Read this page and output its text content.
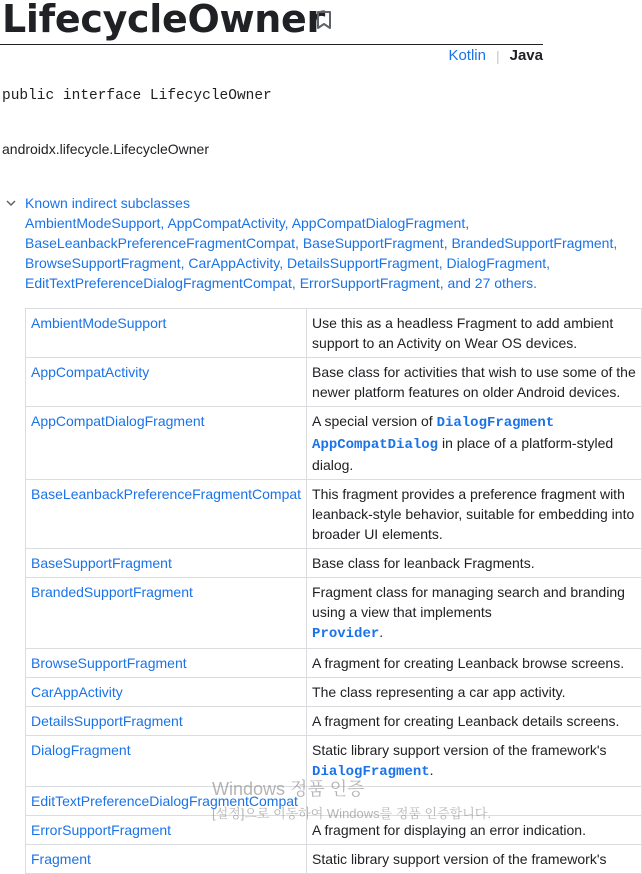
LifecycleOwner
Kotlin | Java
public interface LifecycleOwner
androidx.lifecycle.LifecycleOwner
Known indirect subclasses
AmbientModeSupport, AppCompatActivity, AppCompatDialogFragment,
BaseLeanbackPreferenceFragmentCompat, BaseSupportFragment, BrandedSupportFragment,
BrowseSupportFragment, CarAppActivity, DetailsSupportFragment, DialogFragment,
EditTextPreferenceDialogFragmentCompat, ErrorSupportFragment, and 27 others.
AmbientModeSupport	Use this as a headless Fragment to add ambient
support to an Activity on Wear OS devices.
AppCompatActivity	Base class for activities that wish to use some of the
newer platform features on older Android devices.
AppCompatDialogFragment	A special version of DialogFragment
AppCompatDialog in place of a platform-styled
dialog.
BaseLeanbackPreferenceFragmentCompat	This fragment provides a preference fragment with
leanback-style behavior, suitable for embedding into
broader UI elements.
BaseSupportFragment	Base class for leanback Fragments.
BrandedSupportFragment	Fragment class for managing search and branding
using a view that implements
Provider.
BrowseSupportFragment	A fragment for creating Leanback browse screens.
CarAppActivity	The class representing a car app activity.
DetailsSupportFragment	A fragment for creating Leanback details screens.
DialogFragment	Static library support version of the framework's
DialogFragment.
EditTextPreferenceDialogFragmentCompat	
ErrorSupportFragment	A fragment for displaying an error indication.
Fragment	Static library support version of the framework's
Windows 정품 인증
[설정]으로 이동하여 Windows를 정품 인증합니다.
